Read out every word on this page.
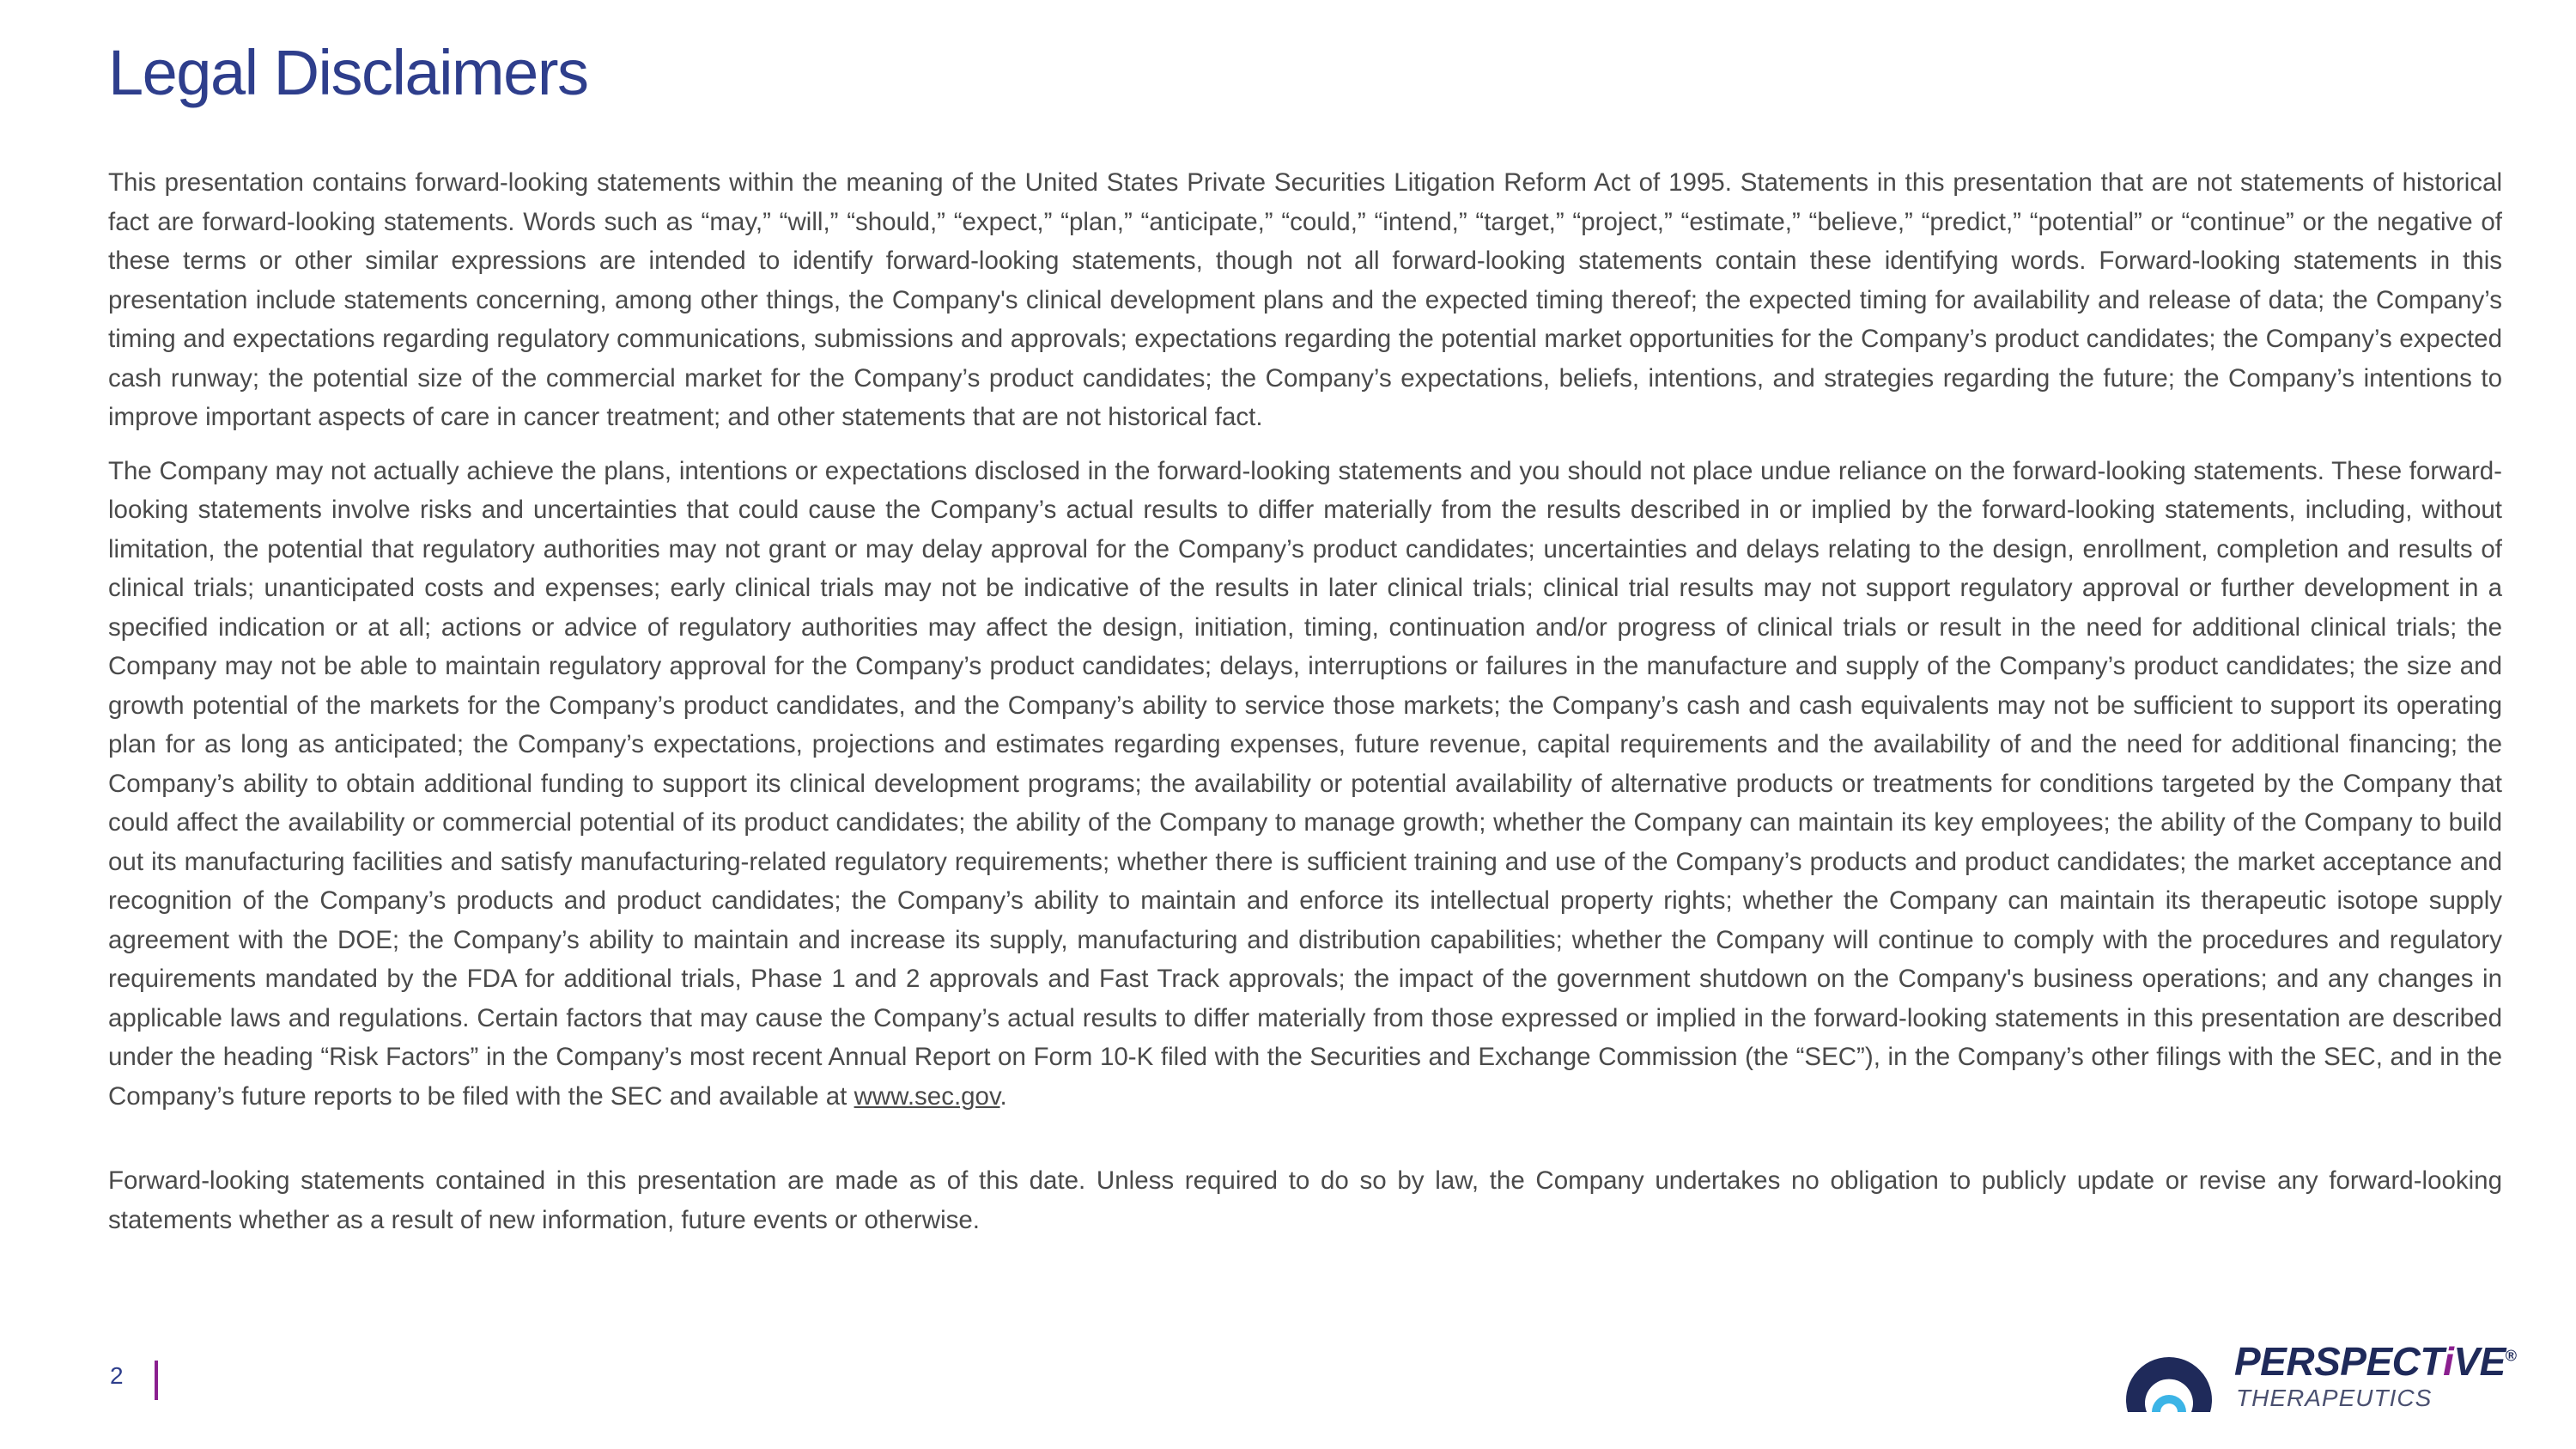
Legal Disclaimers

This presentation contains forward-looking statements within the meaning of the United States Private Securities Litigation Reform Act of 1995. Statements in this presentation that are not statements of historical fact are forward-looking statements. Words such as “may,” “will,” “should,” “expect,” “plan,” “anticipate,” “could,” “intend,” “target,” “project,” “estimate,” “believe,” “predict,” “potential” or “continue” or the negative of these terms or other similar expressions are intended to identify forward-looking statements, though not all forward-looking statements contain these identifying words. Forward-looking statements in this presentation include statements concerning, among other things, the Company's clinical development plans and the expected timing thereof; the expected timing for availability and release of data; the Company’s timing and expectations regarding regulatory communications, submissions and approvals; expectations regarding the potential market opportunities for the Company’s product candidates; the Company’s expected cash runway; the potential size of the commercial market for the Company’s product candidates; the Company’s expectations, beliefs, intentions, and strategies regarding the future; the Company’s intentions to improve important aspects of care in cancer treatment; and other statements that are not historical fact.

The Company may not actually achieve the plans, intentions or expectations disclosed in the forward-looking statements and you should not place undue reliance on the forward-looking statements. These forward-looking statements involve risks and uncertainties that could cause the Company’s actual results to differ materially from the results described in or implied by the forward-looking statements, including, without limitation, the potential that regulatory authorities may not grant or may delay approval for the Company’s product candidates; uncertainties and delays relating to the design, enrollment, completion and results of clinical trials; unanticipated costs and expenses; early clinical trials may not be indicative of the results in later clinical trials; clinical trial results may not support regulatory approval or further development in a specified indication or at all; actions or advice of regulatory authorities may affect the design, initiation, timing, continuation and/or progress of clinical trials or result in the need for additional clinical trials; the Company may not be able to maintain regulatory approval for the Company’s product candidates; delays, interruptions or failures in the manufacture and supply of the Company’s product candidates; the size and growth potential of the markets for the Company’s product candidates, and the Company’s ability to service those markets; the Company’s cash and cash equivalents may not be sufficient to support its operating plan for as long as anticipated; the Company’s expectations, projections and estimates regarding expenses, future revenue, capital requirements and the availability of and the need for additional financing; the Company’s ability to obtain additional funding to support its clinical development programs; the availability or potential availability of alternative products or treatments for conditions targeted by the Company that could affect the availability or commercial potential of its product candidates; the ability of the Company to manage growth; whether the Company can maintain its key employees; the ability of the Company to build out its manufacturing facilities and satisfy manufacturing-related regulatory requirements; whether there is sufficient training and use of the Company’s products and product candidates; the market acceptance and recognition of the Company’s products and product candidates; the Company’s ability to maintain and enforce its intellectual property rights; whether the Company can maintain its therapeutic isotope supply agreement with the DOE; the Company’s ability to maintain and increase its supply, manufacturing and distribution capabilities; whether the Company will continue to comply with the procedures and regulatory requirements mandated by the FDA for additional trials, Phase 1 and 2 approvals and Fast Track approvals; the impact of the government shutdown on the Company's business operations; and any changes in applicable laws and regulations. Certain factors that may cause the Company’s actual results to differ materially from those expressed or implied in the forward-looking statements in this presentation are described under the heading “Risk Factors” in the Company’s most recent Annual Report on Form 10-K filed with the Securities and Exchange Commission (the “SEC”), in the Company’s other filings with the SEC, and in the Company’s future reports to be filed with the SEC and available at www.sec.gov.

Forward-looking statements contained in this presentation are made as of this date. Unless required to do so by law, the Company undertakes no obligation to publicly update or revise any forward-looking statements whether as a result of new information, future events or otherwise.

2	PERSPECTiVE®
THERAPEUTICS
